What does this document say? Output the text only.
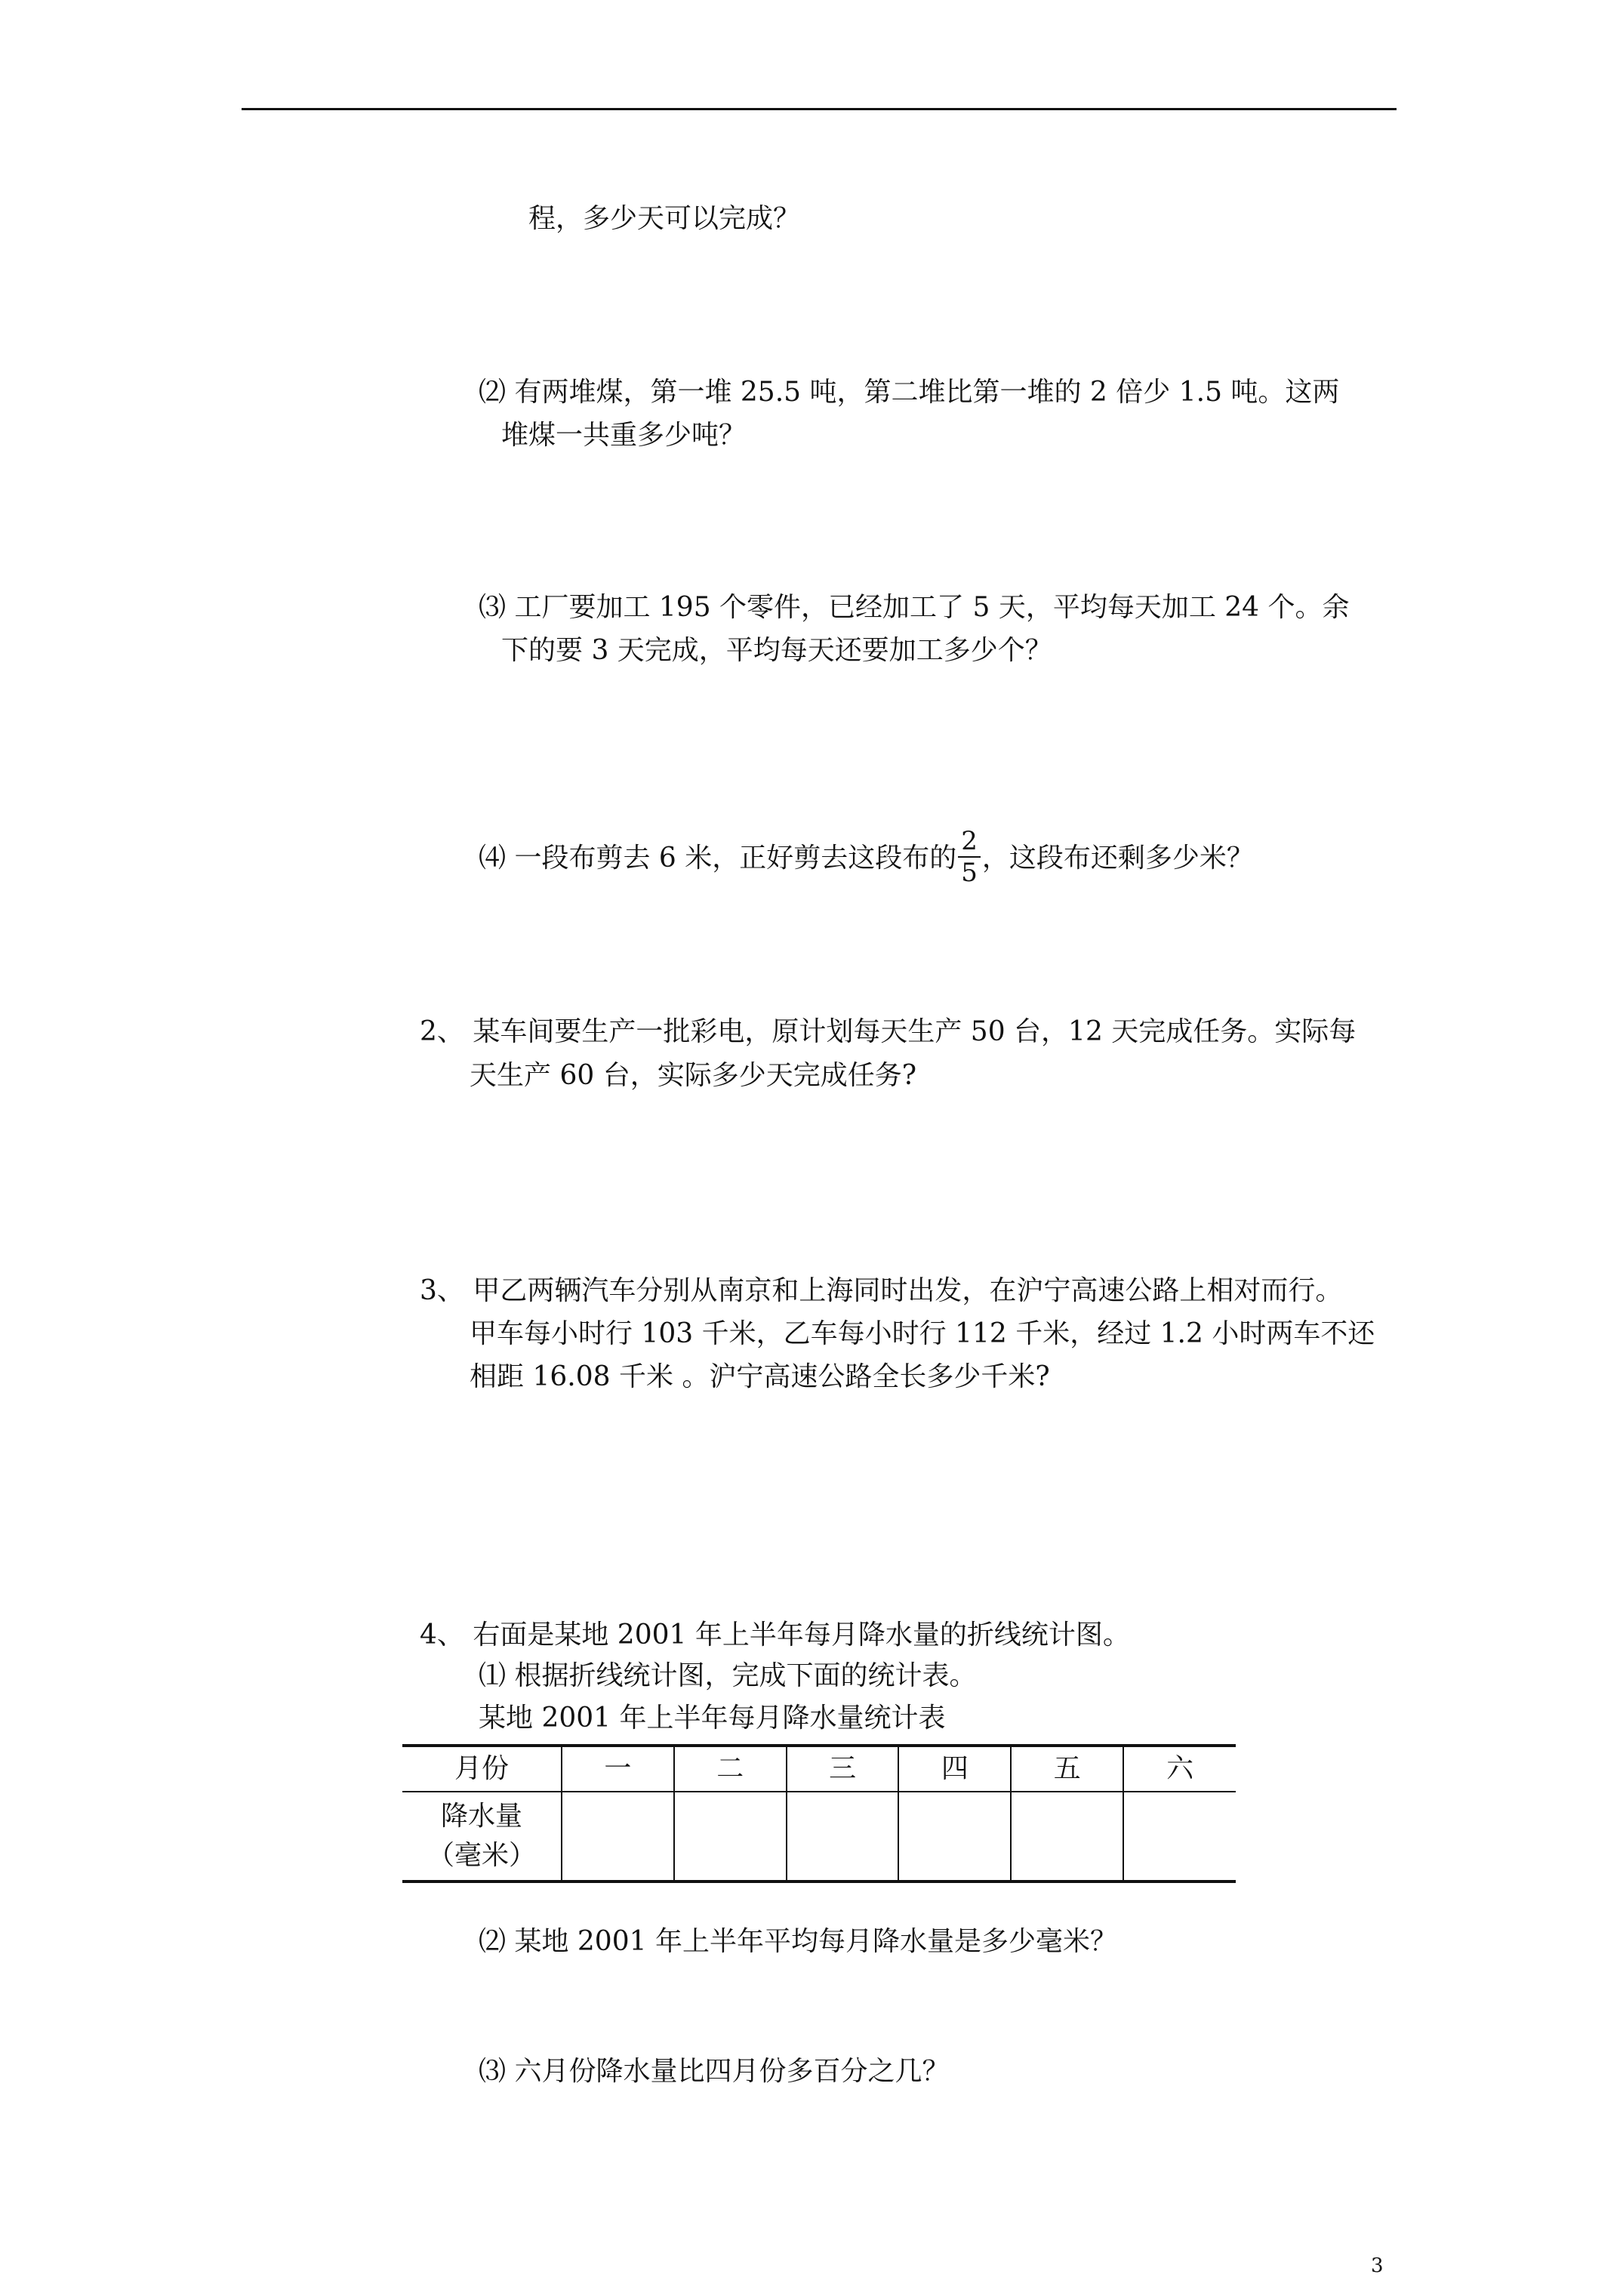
程，多少天可以完成？
⑵ 有两堆煤，第一堆 25.5 吨，第二堆比第一堆的 2 倍少 1.5 吨。这两
堆煤一共重多少吨？
⑶ 工厂要加工 195 个零件，已经加工了 5 天，平均每天加工 24 个。余
下的要 3 天完成，平均每天还要加工多少个？
⑷ 一段布剪去 6 米，正好剪去这段布的 $\frac{2}{5}$ ，这段布还剩多少米？
2、 某车间要生产一批彩电，原计划每天生产 50 台，12 天完成任务。实际每
天生产 60 台，实际多少天完成任务?
3、 甲乙两辆汽车分别从南京和上海同时出发，在沪宁高速公路上相对而行。
甲车每小时行 103 千米，乙车每小时行 112 千米，经过 1.2 小时两车不还
相距 16.08 千米 。沪宁高速公路全长多少千米?
4、 右面是某地 2001 年上半年每月降水量的折线统计图。
⑴ 根据折线统计图，完成下面的统计表。
某地 2001 年上半年每月降水量统计表
月份	一	二	三	四	五	六

降水量
（毫米）						

⑵ 某地 2001 年上半年平均每月降水量是多少毫米？
⑶ 六月份降水量比四月份多百分之几？
3
